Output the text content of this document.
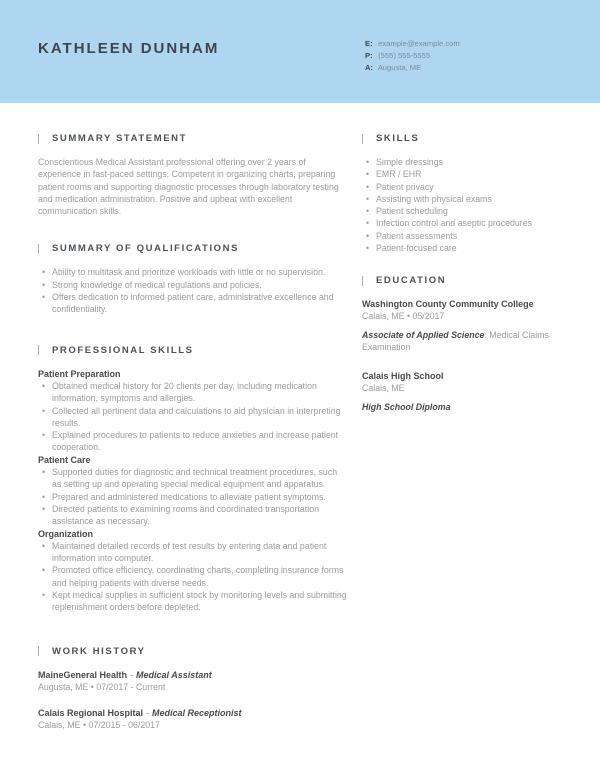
KATHLEEN DUNHAM	E: example@example.com
P: (555) 555-5555
A: Augusta, ME
SUMMARY STATEMENT
Conscientious Medical Assistant professional offering over 2 years of experience in fast-paced settings. Competent in organizing charts, preparing patient rooms and supporting diagnostic processes through laboratory testing and medication administration. Positive and upbeat with excellent communication skills.
SUMMARY OF QUALIFICATIONS
• Ability to multitask and prioritize workloads with little or no supervision.
• Strong knowledge of medical regulations and policies.
• Offers dedication to informed patient care, administrative excellence and confidentiality.
PROFESSIONAL SKILLS
Patient Preparation
• Obtained medical history for 20 clients per day, including medication information, symptoms and allergies.
• Collected all pertinent data and calculations to aid physician in interpreting results.
• Explained procedures to patients to reduce anxieties and increase patient cooperation.
Patient Care
• Supported duties for diagnostic and technical treatment procedures, such as setting up and operating special medical equipment and apparatus.
• Prepared and administered medications to alleviate patient symptoms.
• Directed patients to examining rooms and coordinated transportation assistance as necessary.
Organization
• Maintained detailed records of test results by entering data and patient information into computer.
• Promoted office efficiency, coordinating charts, completing insurance forms and helping patients with diverse needs.
• Kept medical supplies in sufficient stock by monitoring levels and submitting replenishment orders before depleted.
WORK HISTORY
MaineGeneral Health - Medical Assistant
Augusta, ME • 07/2017 - Current
Calais Regional Hospital - Medical Receptionist
Calais, ME • 07/2015 - 06/2017
SKILLS
• Simple dressings
• EMR / EHR
• Patient privacy
• Assisting with physical exams
• Patient scheduling
• Infection control and aseptic procedures
• Patient assessments
• Patient-focused care
EDUCATION
Washington County Community College
Calais, ME • 05/2017
Associate of Applied Science: Medical Claims Examination
Calais High School
Calais, ME
High School Diploma
